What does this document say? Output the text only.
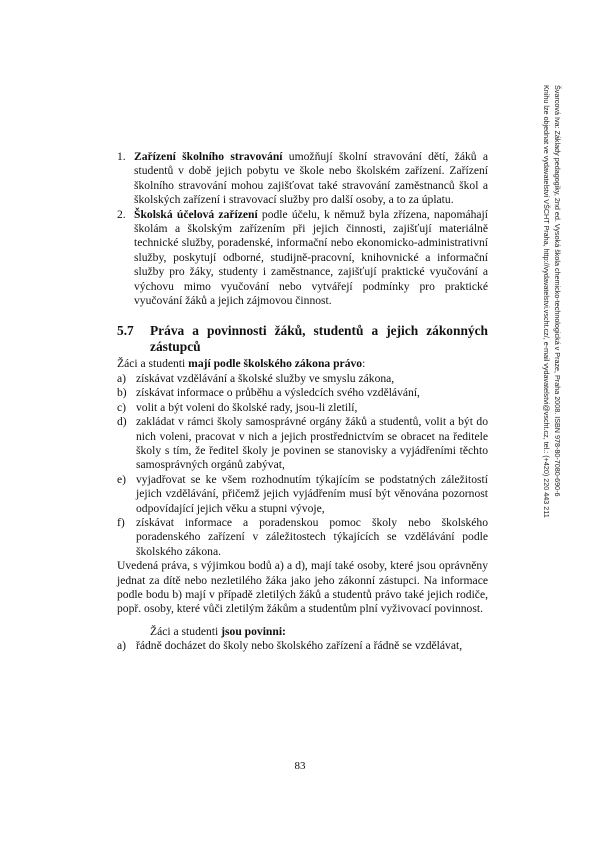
Švarcová Iva: Základy pedagogiky, 2nd ed. Vysoká škola chemicko-technologická v Praze, Praha 2008. ISBN 978-80-7080-690-6
Knihu lze objednat ve vydavatelství VŠCHT Praha, http://vydavatelstvi.vscht.cz/, e-mail vydavatelstvi@vscht.cz, tel.: (+420) 220 443 211
1. Zařízení školního stravování umožňují školní stravování dětí, žáků a studentů v době jejich pobytu ve škole nebo školském zařízení. Zařízení školního stravování mohou zajišťovat také stravování zaměstnanců škol a školských zařízení i stravovací služby pro další osoby, a to za úplatu.
2. Školská účelová zařízení podle účelu, k němuž byla zřízena, napomáhají školám a školským zařízením při jejich činnosti, zajišťují materiálně technické služby, poradenské, informační nebo ekonomicko-administrativní služby, poskytují odborné, studijně-pracovní, knihovnické a informační služby pro žáky, studenty i zaměstnance, zajišťují praktické vyučování a výchovu mimo vyučování nebo vytvářejí podmínky pro praktické vyučování žáků a jejich zájmovou činnost.
5.7	Práva a povinnosti žáků, studentů a jejich zákonných zástupců
Žáci a studenti mají podle školského zákona právo:
a) získávat vzdělávání a školské služby ve smyslu zákona,
b) získávat informace o průběhu a výsledcích svého vzdělávání,
c) volit a být voleni do školské rady, jsou-li zletilí,
d) zakládat v rámci školy samosprávné orgány žáků a studentů, volit a být do nich voleni, pracovat v nich a jejich prostřednictvím se obracet na ředitele školy s tím, že ředitel školy je povinen se stanovisky a vyjádřeními těchto samosprávných orgánů zabývat,
e) vyjadřovat se ke všem rozhodnutím týkajícím se podstatných záležitostí jejich vzdělávání, přičemž jejich vyjádřením musí být věnována pozornost odpovídající jejich věku a stupni vývoje,
f) získávat informace a poradenskou pomoc školy nebo školského poradenského zařízení v záležitostech týkajících se vzdělávání podle školského zákona.
Uvedená práva, s výjimkou bodů a) a d), mají také osoby, které jsou oprávněny jednat za dítě nebo nezletilého žáka jako jeho zákonní zástupci. Na informace podle bodu b) mají v případě zletilých žáků a studentů právo také jejich rodiče, popř. osoby, které vůči zletilým žákům a studentům plní vyživovací povinnost.
Žáci a studenti jsou povinni:
a) řádně docházet do školy nebo školského zařízení a řádně se vzdělávat,
83
